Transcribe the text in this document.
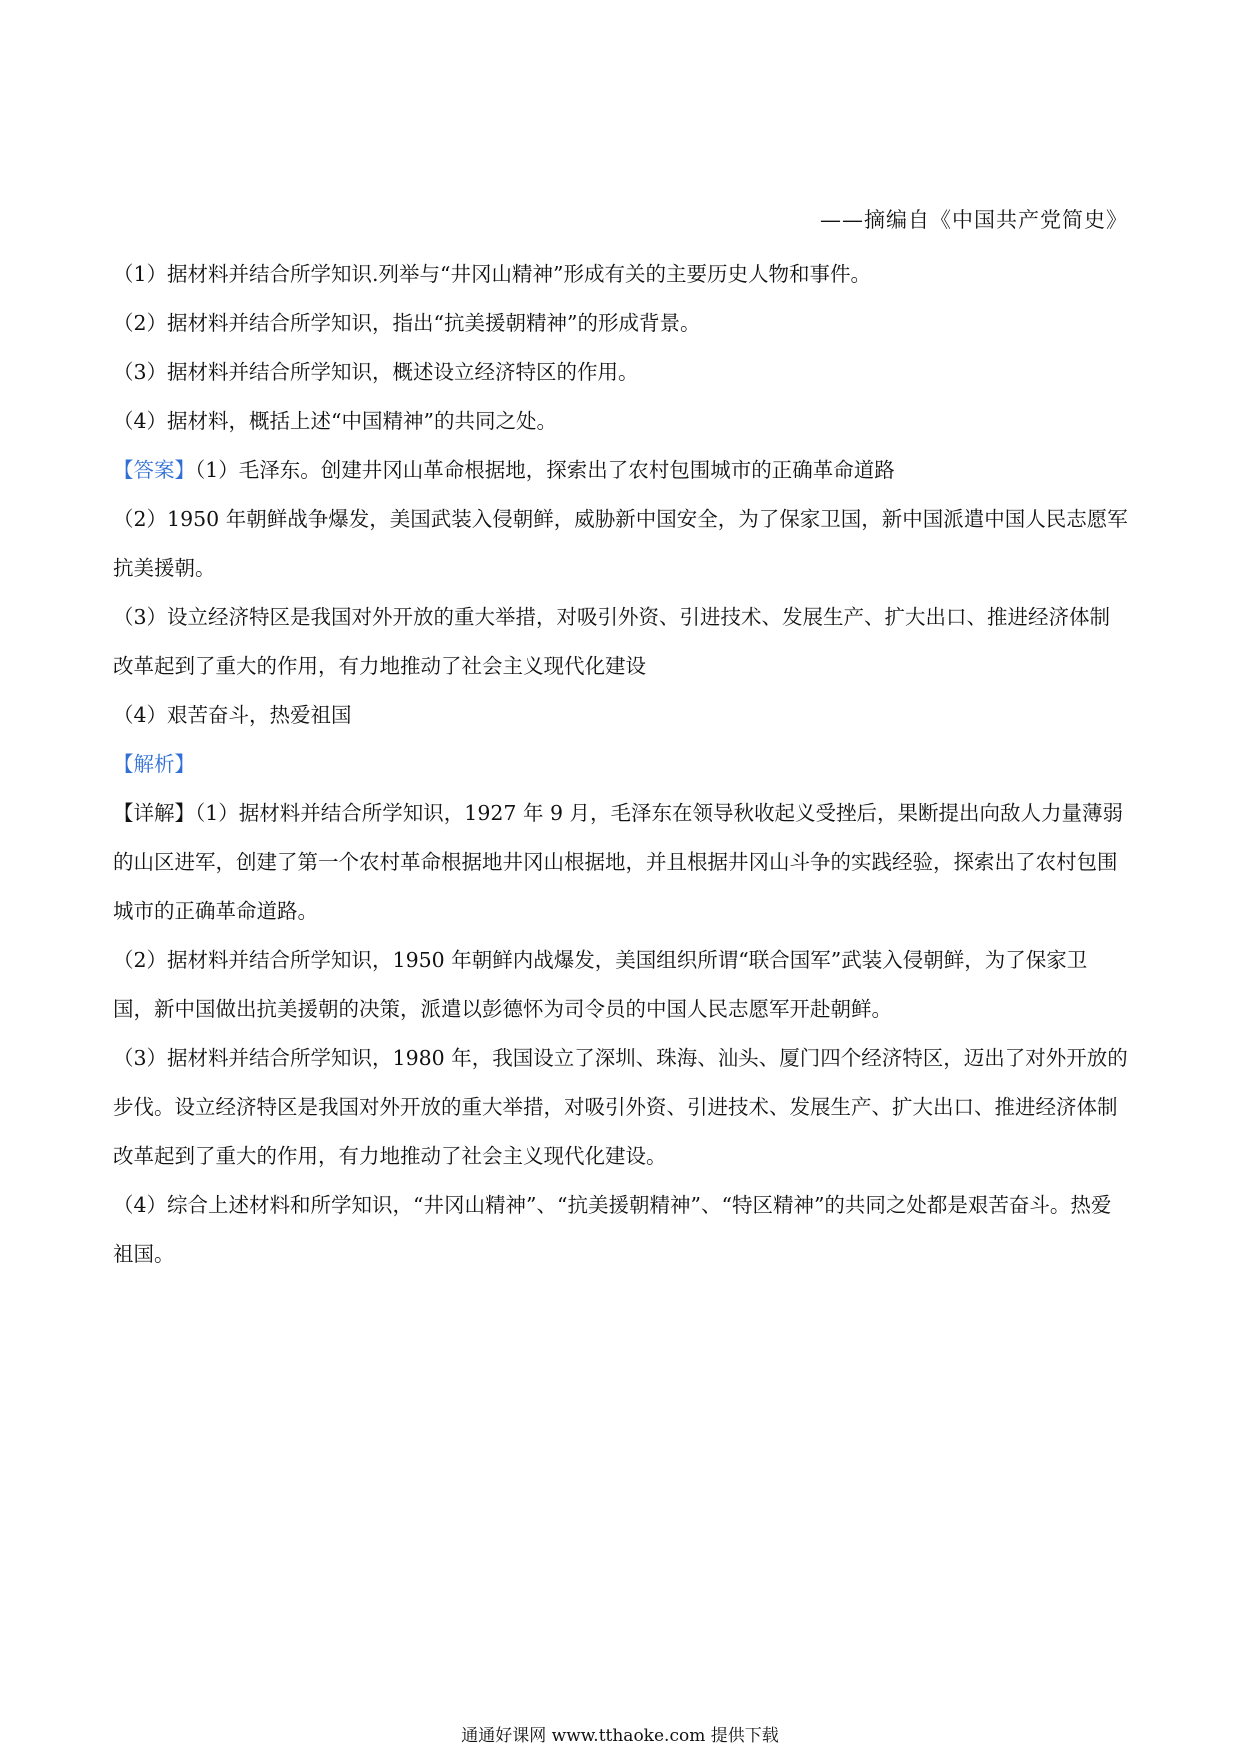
——摘编自《中国共产党简史》

（1）据材料并结合所学知识.列举与“井冈山精神”形成有关的主要历史人物和事件。

（2）据材料并结合所学知识，指出“抗美援朝精神”的形成背景。

（3）据材料并结合所学知识，概述设立经济特区的作用。

（4）据材料，概括上述“中国精神”的共同之处。

【答案】（1）毛泽东。创建井冈山革命根据地，探索出了农村包围城市的正确革命道路

（2）1950 年朝鲜战争爆发，美国武装入侵朝鲜，威胁新中国安全，为了保家卫国，新中国派遣中国人民志愿军抗美援朝。

（3）设立经济特区是我国对外开放的重大举措，对吸引外资、引进技术、发展生产、扩大出口、推进经济体制改革起到了重大的作用，有力地推动了社会主义现代化建设

（4）艰苦奋斗，热爱祖国

【解析】

【详解】（1）据材料并结合所学知识，1927 年 9 月，毛泽东在领导秋收起义受挫后，果断提出向敌人力量薄弱的山区进军，创建了第一个农村革命根据地井冈山根据地，并且根据井冈山斗争的实践经验，探索出了农村包围城市的正确革命道路。

（2）据材料并结合所学知识，1950 年朝鲜内战爆发，美国组织所谓“联合国军”武装入侵朝鲜，为了保家卫国，新中国做出抗美援朝的决策，派遣以彭德怀为司令员的中国人民志愿军开赴朝鲜。

（3）据材料并结合所学知识，1980 年，我国设立了深圳、珠海、汕头、厦门四个经济特区，迈出了对外开放的步伐。设立经济特区是我国对外开放的重大举措，对吸引外资、引进技术、发展生产、扩大出口、推进经济体制改革起到了重大的作用，有力地推动了社会主义现代化建设。

（4）综合上述材料和所学知识，“井冈山精神”、“抗美援朝精神”、“特区精神”的共同之处都是艰苦奋斗。热爱祖国。

通通好课网 www.tthaoke.com 提供下载
